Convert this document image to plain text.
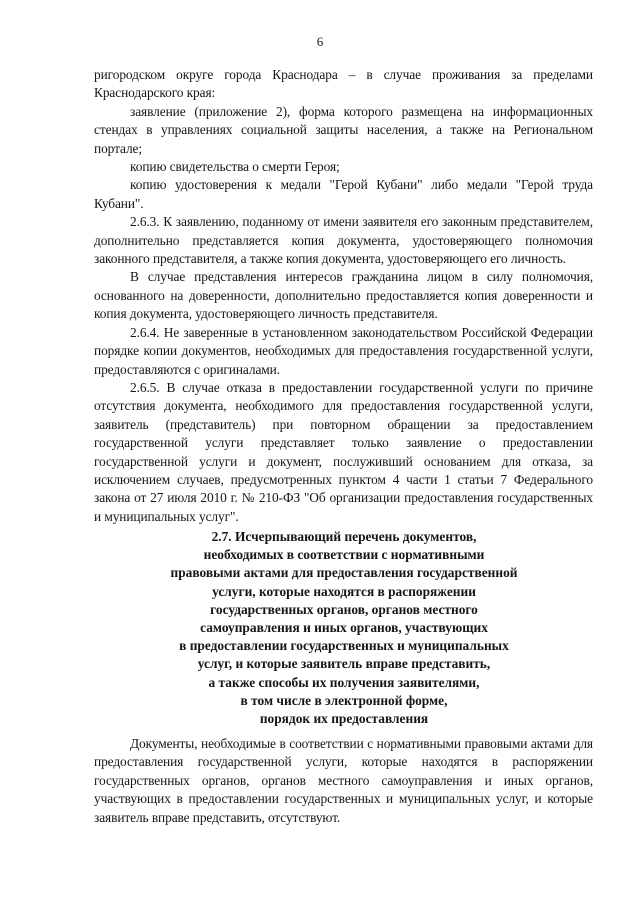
6

ригородском округе города Краснодара – в случае проживания за пределами Краснодарского края:

заявление (приложение 2), форма которого размещена на информационных стендах в управлениях социальной защиты населения, а также на Региональном портале;

копию свидетельства о смерти Героя;

копию удостоверения к медали "Герой Кубани" либо медали "Герой труда Кубани".

2.6.3. К заявлению, поданному от имени заявителя его законным представителем, дополнительно представляется копия документа, удостоверяющего полномочия законного представителя, а также копия документа, удостоверяющего его личность.

В случае представления интересов гражданина лицом в силу полномочия, основанного на доверенности, дополнительно предоставляется копия доверенности и копия документа, удостоверяющего личность представителя.

2.6.4. Не заверенные в установленном законодательством Российской Федерации порядке копии документов, необходимых для предоставления государственной услуги, предоставляются с оригиналами.

2.6.5. В случае отказа в предоставлении государственной услуги по причине отсутствия документа, необходимого для предоставления государственной услуги, заявитель (представитель) при повторном обращении за предоставлением государственной услуги представляет только заявление о предоставлении государственной услуги и документ, послуживший основанием для отказа, за исключением случаев, предусмотренных пунктом 4 части 1 статьи 7 Федерального закона от 27 июля 2010 г. № 210-ФЗ "Об организации предоставления государственных и муниципальных услуг".

2.7. Исчерпывающий перечень документов,
необходимых в соответствии с нормативными
правовыми актами для предоставления государственной
услуги, которые находятся в распоряжении
государственных органов, органов местного
самоуправления и иных органов, участвующих
в предоставлении государственных и муниципальных
услуг, и которые заявитель вправе представить,
а также способы их получения заявителями,
в том числе в электронной форме,
порядок их предоставления

Документы, необходимые в соответствии с нормативными правовыми актами для предоставления государственной услуги, которые находятся в распоряжении государственных органов, органов местного самоуправления и иных органов, участвующих в предоставлении государственных и муниципальных услуг, и которые заявитель вправе представить, отсутствуют.
